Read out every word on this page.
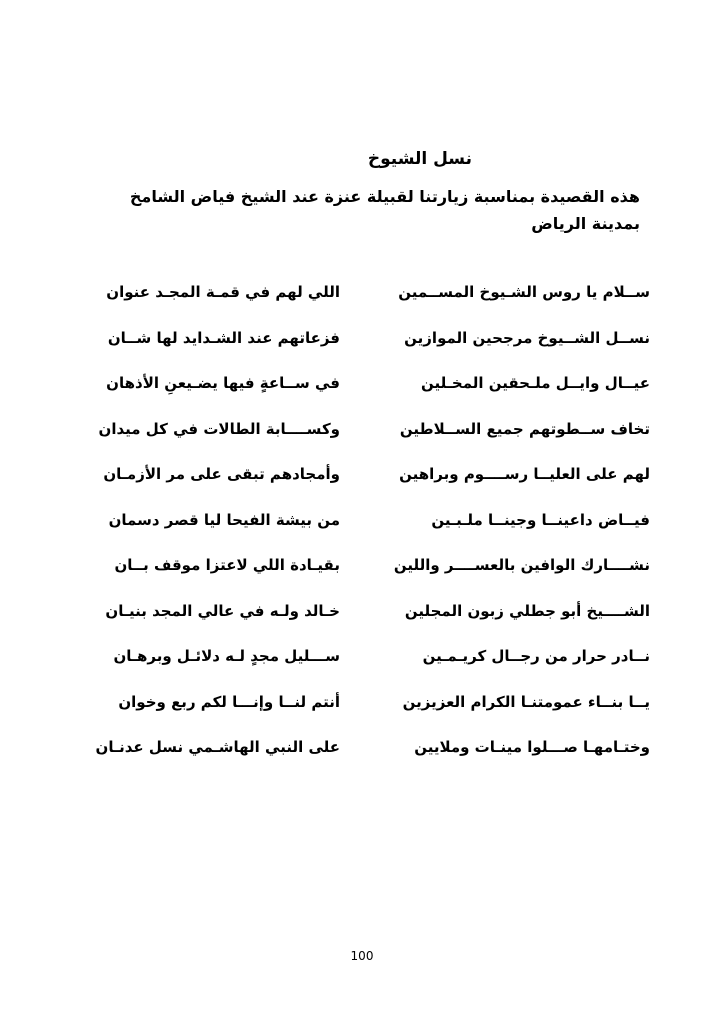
نسل الشيوخ
هذه القصيدة بمناسبة زيارتنا لقبيلة عنزة عند الشيخ فياض الشامخ بمدينة الرياض
ســلام يا روس الشـيوخ المســمين
اللي لهم في قمـة المجـد عنوان
نســل الشــيوخ مرجحين الموازين
فزعاتهم عند الشـدايد لها شــان
عيــال وايــل ملـحقين المخـلين
في ســاعةٍ فيها يضـيعنِ الأذهان
تخاف ســطوتهم جميع الســلاطين
وكســــابة الطالات في كل ميدان
لهم على العليــا رســــوم وبراهين
وأمجادهم تبقى على مر الأزمـان
فيــاض داعينــا وجينــا ملـبـين
من بيشة الفيحا ليا قصر دسمان
نشــــارك الوافين بالعســــر واللين
بقيـادة اللي لاعتزا موقف بــان
الشــــيخ أبو جطلي زبون المجلين
خـالد ولـه في عالي المجد بنيـان
نــادر حرار من رجــال كريـمـين
ســـليل مجدٍ لـه دلائـل وبرهـان
يــا بنــاء عمومتنـا الكرام العزيزين
أنتم لنــا وإنـــا لكم ربع وخوان
وختـامهـا صـــلوا مينـات وملايين
على النبي الهاشـمي نسل عدنـان
100
